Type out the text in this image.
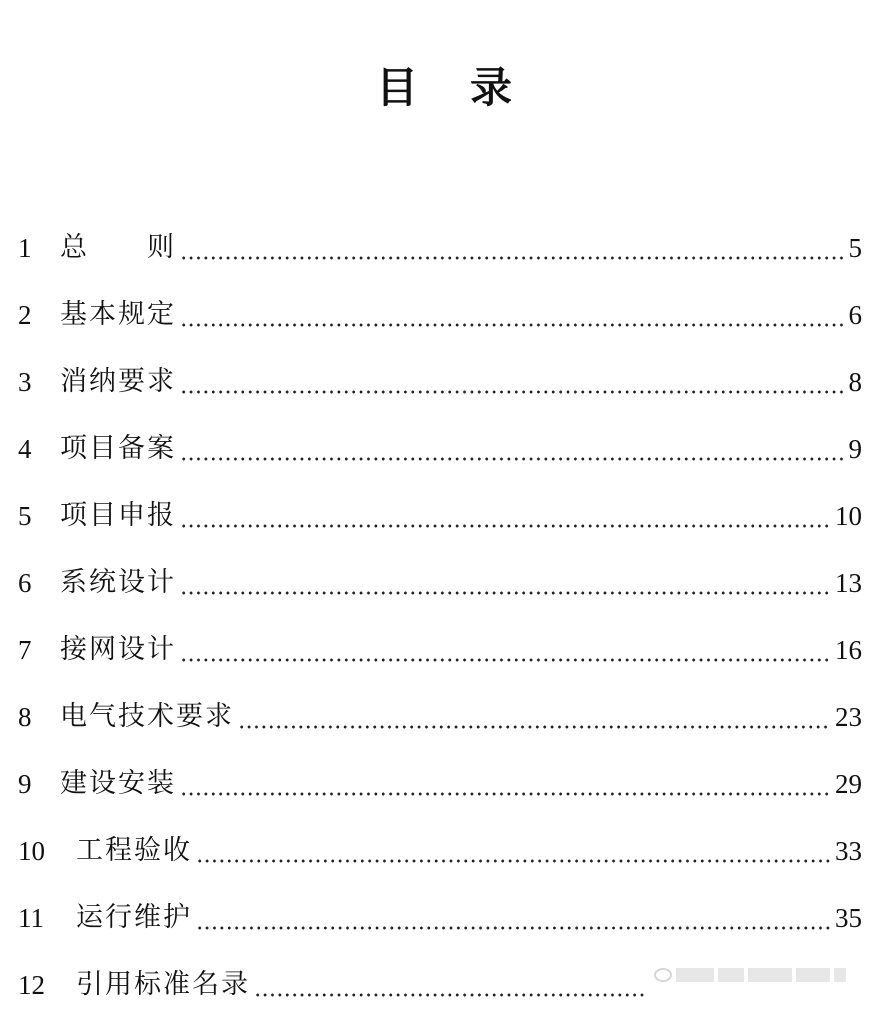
目 录
1	总　　则	5
2	基本规定	6
3	消纳要求	8
4	项目备案	9
5	项目申报	10
6	系统设计	13
7	接网设计	16
8	电气技术要求	23
9	建设安装	29
10	工程验收	33
11	运行维护	35
12	引用标准名录
